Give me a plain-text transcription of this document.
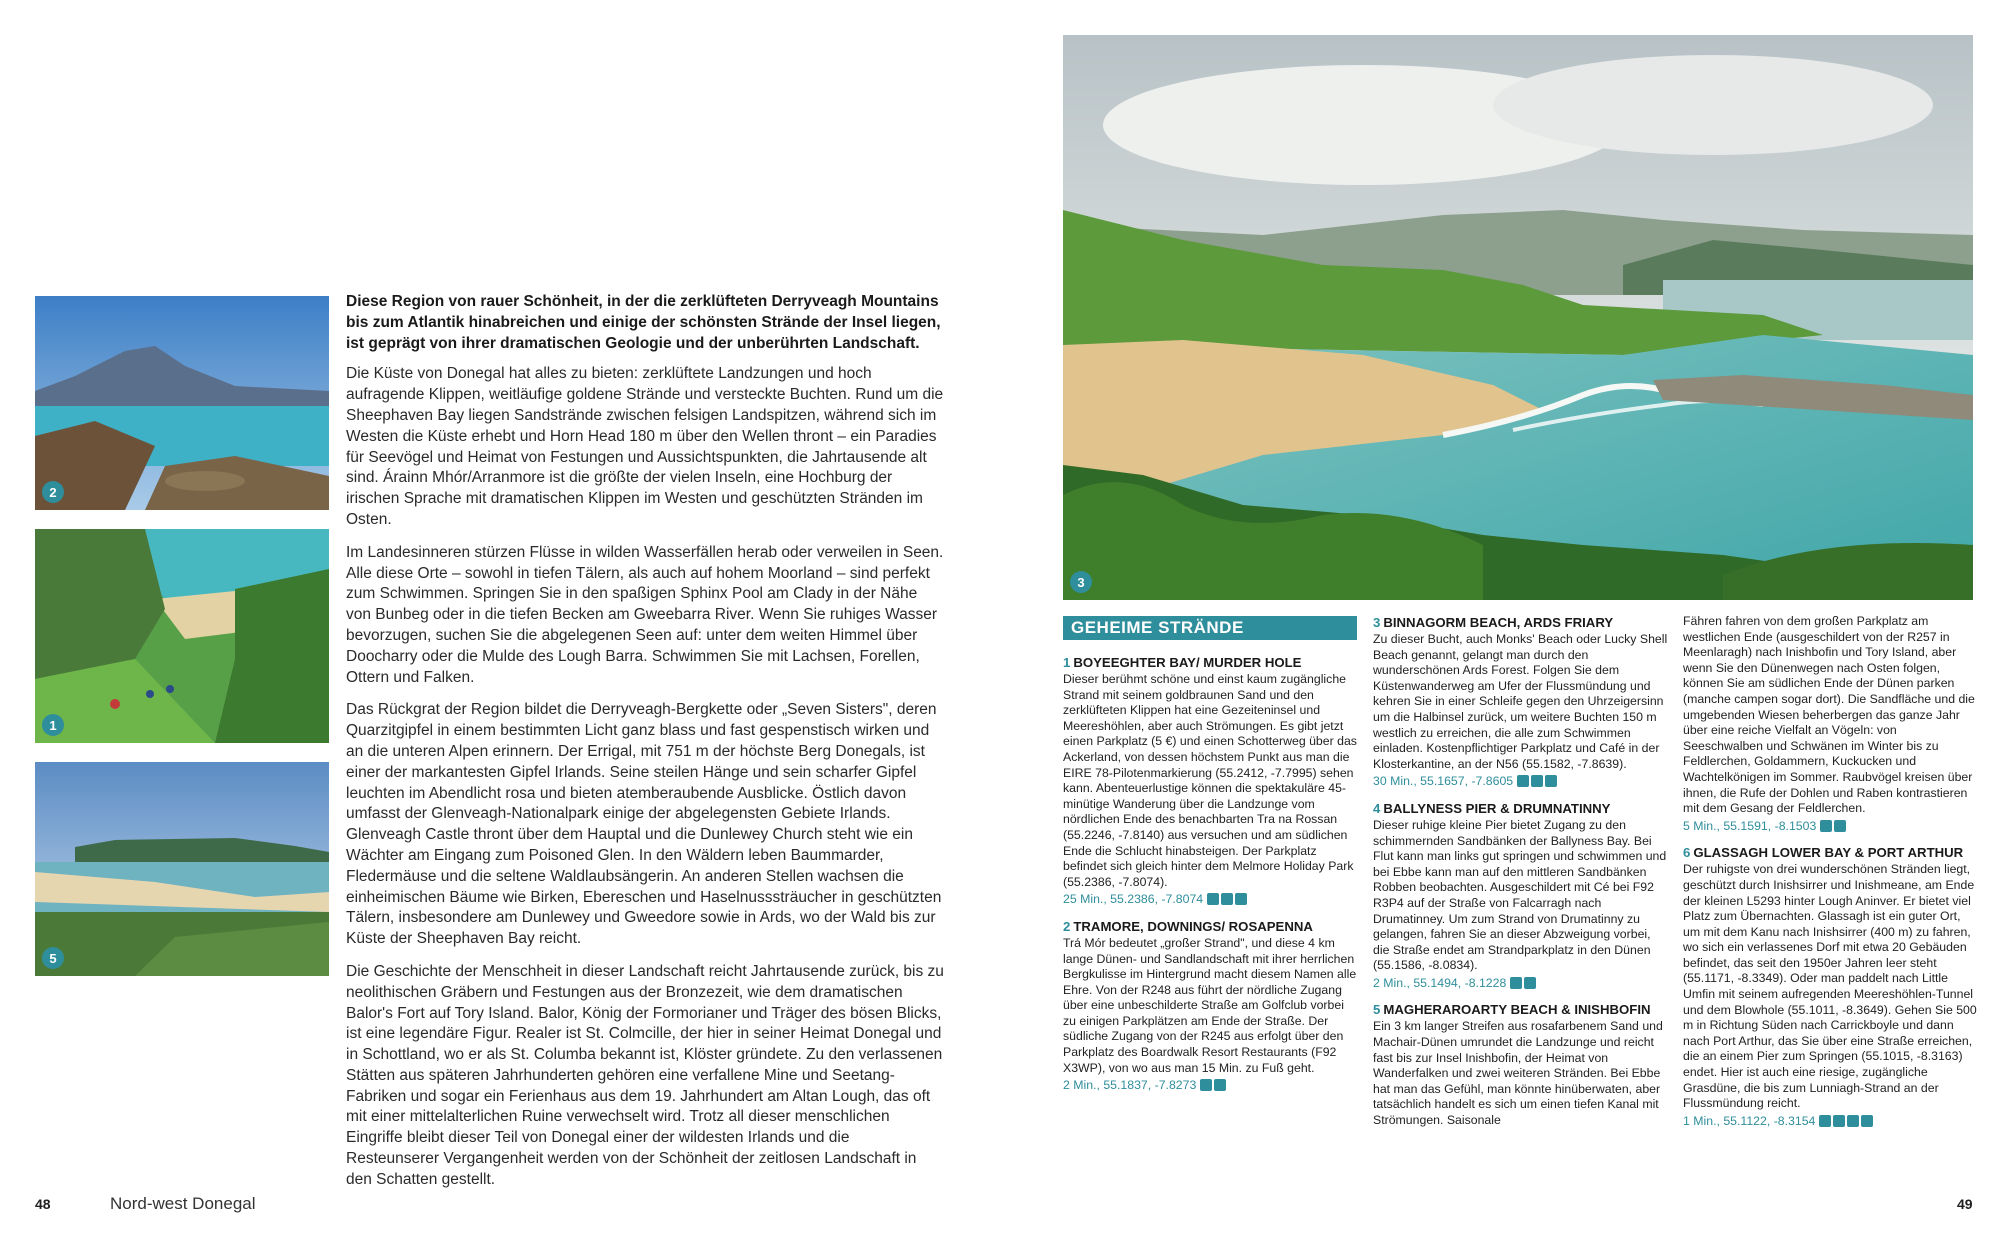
2
1
5

Diese Region von rauer Schönheit, in der die zerklüfteten Derryveagh Mountains bis zum Atlantik hinabreichen und einige der schönsten Strände der Insel liegen, ist geprägt von ihrer dramatischen Geologie und der unberührten Landschaft.

Die Küste von Donegal hat alles zu bieten: zerklüftete Landzungen und hoch aufragende Klippen, weitläufige goldene Strände und versteckte Buchten. Rund um die Sheephaven Bay liegen Sandstrände zwischen felsigen Landspitzen, während sich im Westen die Küste erhebt und Horn Head 180 m über den Wellen thront – ein Paradies für Seevögel und Heimat von Festungen und Aussichtspunkten, die Jahrtausende alt sind. Árainn Mhór/Arranmore ist die größte der vielen Inseln, eine Hochburg der irischen Sprache mit dramatischen Klippen im Westen und geschützten Stränden im Osten.

Im Landesinneren stürzen Flüsse in wilden Wasserfällen herab oder verweilen in Seen. Alle diese Orte – sowohl in tiefen Tälern, als auch auf hohem Moorland – sind perfekt zum Schwimmen. Springen Sie in den spaßigen Sphinx Pool am Clady in der Nähe von Bunbeg oder in die tiefen Becken am Gweebarra River. Wenn Sie ruhiges Wasser bevorzugen, suchen Sie die abgelegenen Seen auf: unter dem weiten Himmel über Doocharry oder die Mulde des Lough Barra. Schwimmen Sie mit Lachsen, Forellen, Ottern und Falken.

Das Rückgrat der Region bildet die Derryveagh-Bergkette oder „Seven Sisters", deren Quarzitgipfel in einem bestimmten Licht ganz blass und fast gespenstisch wirken und an die unteren Alpen erinnern. Der Errigal, mit 751 m der höchste Berg Donegals, ist einer der markantesten Gipfel Irlands. Seine steilen Hänge und sein scharfer Gipfel leuchten im Abendlicht rosa und bieten atemberaubende Ausblicke. Östlich davon umfasst der Glenveagh-Nationalpark einige der abgelegensten Gebiete Irlands. Glenveagh Castle thront über dem Hauptal und die Dunlewey Church steht wie ein Wächter am Eingang zum Poisoned Glen. In den Wäldern leben Baummarder, Fledermäuse und die seltene Waldlaubsängerin. An anderen Stellen wachsen die einheimischen Bäume wie Birken, Ebereschen und Haselnusssträucher in geschützten Tälern, insbesondere am Dunlewey und Gweedore sowie in Ards, wo der Wald bis zur Küste der Sheephaven Bay reicht.

Die Geschichte der Menschheit in dieser Landschaft reicht Jahrtausende zurück, bis zu neolithischen Gräbern und Festungen aus der Bronzezeit, wie dem dramatischen Balor's Fort auf Tory Island. Balor, König der Formorianer und Träger des bösen Blicks, ist eine legendäre Figur. Realer ist St. Colmcille, der hier in seiner Heimat Donegal und in Schottland, wo er als St. Columba bekannt ist, Klöster gründete. Zu den verlassenen Stätten aus späteren Jahrhunderten gehören eine verfallene Mine und Seetang-Fabriken und sogar ein Ferienhaus aus dem 19. Jahrhundert am Altan Lough, das oft mit einer mittelalterlichen Ruine verwechselt wird. Trotz all dieser menschlichen Eingriffe bleibt dieser Teil von Donegal einer der wildesten Irlands und die Resteunserer Vergangenheit werden von der Schönheit der zeitlosen Landschaft in den Schatten gestellt.

48	Nord-west Donegal
3
GEHEIME STRÄNDE
1 BOYEEGHTER BAY/ MURDER HOLE
Dieser berühmt schöne und einst kaum zugängliche Strand mit seinem goldbraunen Sand und den zerklüfteten Klippen hat eine Gezeiteninsel und Meereshöhlen, aber auch Strömungen. Es gibt jetzt einen Parkplatz (5 €) und einen Schotterweg über das Ackerland, von dessen höchstem Punkt aus man die EIRE 78-Pilotenmarkierung (55.2412, -7.7995) sehen kann. Abenteuerlustige können die spektakuläre 45-minütige Wanderung über die Landzunge vom nördlichen Ende des benachbarten Tra na Rossan (55.2246, -7.8140) aus versuchen und am südlichen Ende die Schlucht hinabsteigen. Der Parkplatz befindet sich gleich hinter dem Melmore Holiday Park (55.2386, -7.8074).
25 Min., 55.2386, -7.8074
2 TRAMORE, DOWNINGS/ ROSAPENNA
Trá Mór bedeutet „großer Strand", und diese 4 km lange Dünen- und Sandlandschaft mit ihrer herrlichen Bergkulisse im Hintergrund macht diesem Namen alle Ehre. Von der R248 aus führt der nördliche Zugang über eine unbeschilderte Straße am Golfclub vorbei zu einigen Parkplätzen am Ende der Straße. Der südliche Zugang von der R245 aus erfolgt über den Parkplatz des Boardwalk Resort Restaurants (F92 X3WP), von wo aus man 15 Min. zu Fuß geht.
2 Min., 55.1837, -7.8273
3 BINNAGORM BEACH, ARDS FRIARY
Zu dieser Bucht, auch Monks' Beach oder Lucky Shell Beach genannt, gelangt man durch den wunderschönen Ards Forest. Folgen Sie dem Küstenwanderweg am Ufer der Flussmündung und kehren Sie in einer Schleife gegen den Uhrzeigersinn um die Halbinsel zurück, um weitere Buchten 150 m westlich zu erreichen, die alle zum Schwimmen einladen. Kostenpflichtiger Parkplatz und Café in der Klosterkantine, an der N56 (55.1582, -7.8639).
30 Min., 55.1657, -7.8605
4 BALLYNESS PIER & DRUMNATINNY
Dieser ruhige kleine Pier bietet Zugang zu den schimmernden Sandbänken der Ballyness Bay. Bei Flut kann man links gut springen und schwimmen und bei Ebbe kann man auf den mittleren Sandbänken Robben beobachten. Ausgeschildert mit Cé bei F92 R3P4 auf der Straße von Falcarragh nach Drumatinney. Um zum Strand von Drumatinny zu gelangen, fahren Sie an dieser Abzweigung vorbei, die Straße endet am Strandparkplatz in den Dünen (55.1586, -8.0834).
2 Min., 55.1494, -8.1228
5 MAGHERAROARTY BEACH & INISHBOFIN
Ein 3 km langer Streifen aus rosafarbenem Sand und Machair-Dünen umrundet die Landzunge und reicht fast bis zur Insel Inishbofin, der Heimat von Wanderfalken und zwei weiteren Stränden. Bei Ebbe hat man das Gefühl, man könnte hinüberwaten, aber tatsächlich handelt es sich um einen tiefen Kanal mit Strömungen. Saisonale
Fähren fahren von dem großen Parkplatz am westlichen Ende (ausgeschildert von der R257 in Meenlaragh) nach Inishbofin und Tory Island, aber wenn Sie den Dünenwegen nach Osten folgen, können Sie am südlichen Ende der Dünen parken (manche campen sogar dort). Die Sandfläche und die umgebenden Wiesen beherbergen das ganze Jahr über eine reiche Vielfalt an Vögeln: von Seeschwalben und Schwänen im Winter bis zu Feldlerchen, Goldammern, Kuckucken und Wachtelkönigen im Sommer. Raubvögel kreisen über ihnen, die Rufe der Dohlen und Raben kontrastieren mit dem Gesang der Feldlerchen.
5 Min., 55.1591, -8.1503
6 GLASSAGH LOWER BAY & PORT ARTHUR
Der ruhigste von drei wunderschönen Stränden liegt, geschützt durch Inishsirrer und Inishmeane, am Ende der kleinen L5293 hinter Lough Aninver. Er bietet viel Platz zum Übernachten. Glassagh ist ein guter Ort, um mit dem Kanu nach Inishsirrer (400 m) zu fahren, wo sich ein verlassenes Dorf mit etwa 20 Gebäuden befindet, das seit den 1950er Jahren leer steht (55.1171, -8.3349). Oder man paddelt nach Little Umfin mit seinem aufregenden Meereshöhlen-Tunnel und dem Blowhole (55.1011, -8.3649). Gehen Sie 500 m in Richtung Süden nach Carrickboyle und dann nach Port Arthur, das Sie über eine Straße erreichen, die an einem Pier zum Springen (55.1015, -8.3163) endet. Hier ist auch eine riesige, zugängliche Grasdüne, die bis zum Lunniagh-Strand an der Flussmündung reicht.
1 Min., 55.1122, -8.3154
49
